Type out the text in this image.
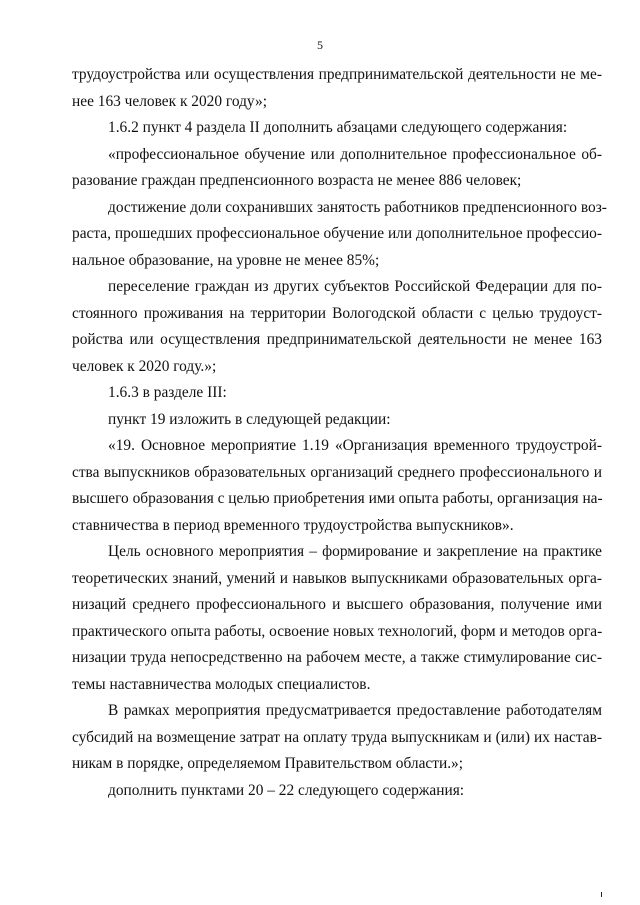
5
трудоустройства или осуществления предпринимательской деятельности не ме-
нее 163 человек к 2020 году»;
1.6.2 пункт 4 раздела II дополнить абзацами следующего содержания:
«профессиональное обучение или дополнительное профессиональное об-
разование граждан предпенсионного возраста не менее 886 человек;
достижение доли сохранивших занятость работников предпенсионного воз-
раста, прошедших профессиональное обучение или дополнительное профессио-
нальное образование, на уровне не менее 85%;
переселение граждан из других субъектов Российской Федерации для по-
стоянного проживания на территории Вологодской области с целью трудоуст-
ройства или осуществления предпринимательской деятельности не менее 163
человек к 2020 году.»;
1.6.3 в разделе III:
пункт 19 изложить в следующей редакции:
«19. Основное мероприятие 1.19 «Организация временного трудоустрой-
ства выпускников образовательных организаций среднего профессионального и
высшего образования с целью приобретения ими опыта работы, организация на-
ставничества в период временного трудоустройства выпускников».
Цель основного мероприятия – формирование и закрепление на практике
теоретических знаний, умений и навыков выпускниками образовательных орга-
низаций среднего профессионального и высшего образования, получение ими
практического опыта работы, освоение новых технологий, форм и методов орга-
низации труда непосредственно на рабочем месте, а также стимулирование сис-
темы наставничества молодых специалистов.
В рамках мероприятия предусматривается предоставление работодателям
субсидий на возмещение затрат на оплату труда выпускникам и (или) их настав-
никам в порядке, определяемом Правительством области.»;
дополнить пунктами 20 – 22 следующего содержания:
